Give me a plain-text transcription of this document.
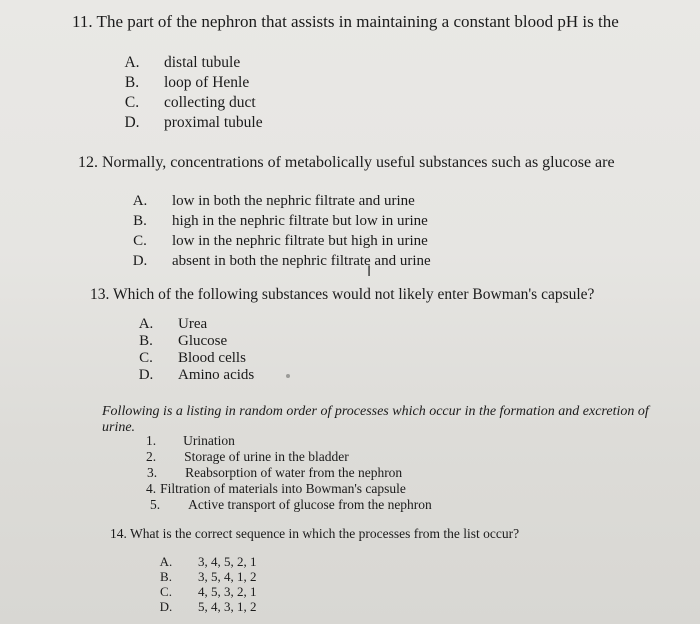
11. The part of the nephron that assists in maintaining a constant blood pH is the
A.	distal tubule
B.	loop of Henle
C.	collecting duct
D.	proximal tubule
12. Normally, concentrations of metabolically useful substances such as glucose are
A.	low in both the nephric filtrate and urine
B.	high in the nephric filtrate but low in urine
C.	low in the nephric filtrate but high in urine
D.	absent in both the nephric filtrate and urine
I
13. Which of the following substances would not likely enter Bowman's capsule?
A.	Urea
B.	Glucose
C.	Blood cells
D.	Amino acids
Following is a listing in random order of processes which occur in the formation and excretion of urine.
1. Urination
2. Storage of urine in the bladder
3. Reabsorption of water from the nephron
4. Filtration of materials into Bowman's capsule
5. Active transport of glucose from the nephron
14. What is the correct sequence in which the processes from the list occur?
A.	3, 4, 5, 2, 1
B.	3, 5, 4, 1, 2
C.	4, 5, 3, 2, 1
D.	5, 4, 3, 1, 2
